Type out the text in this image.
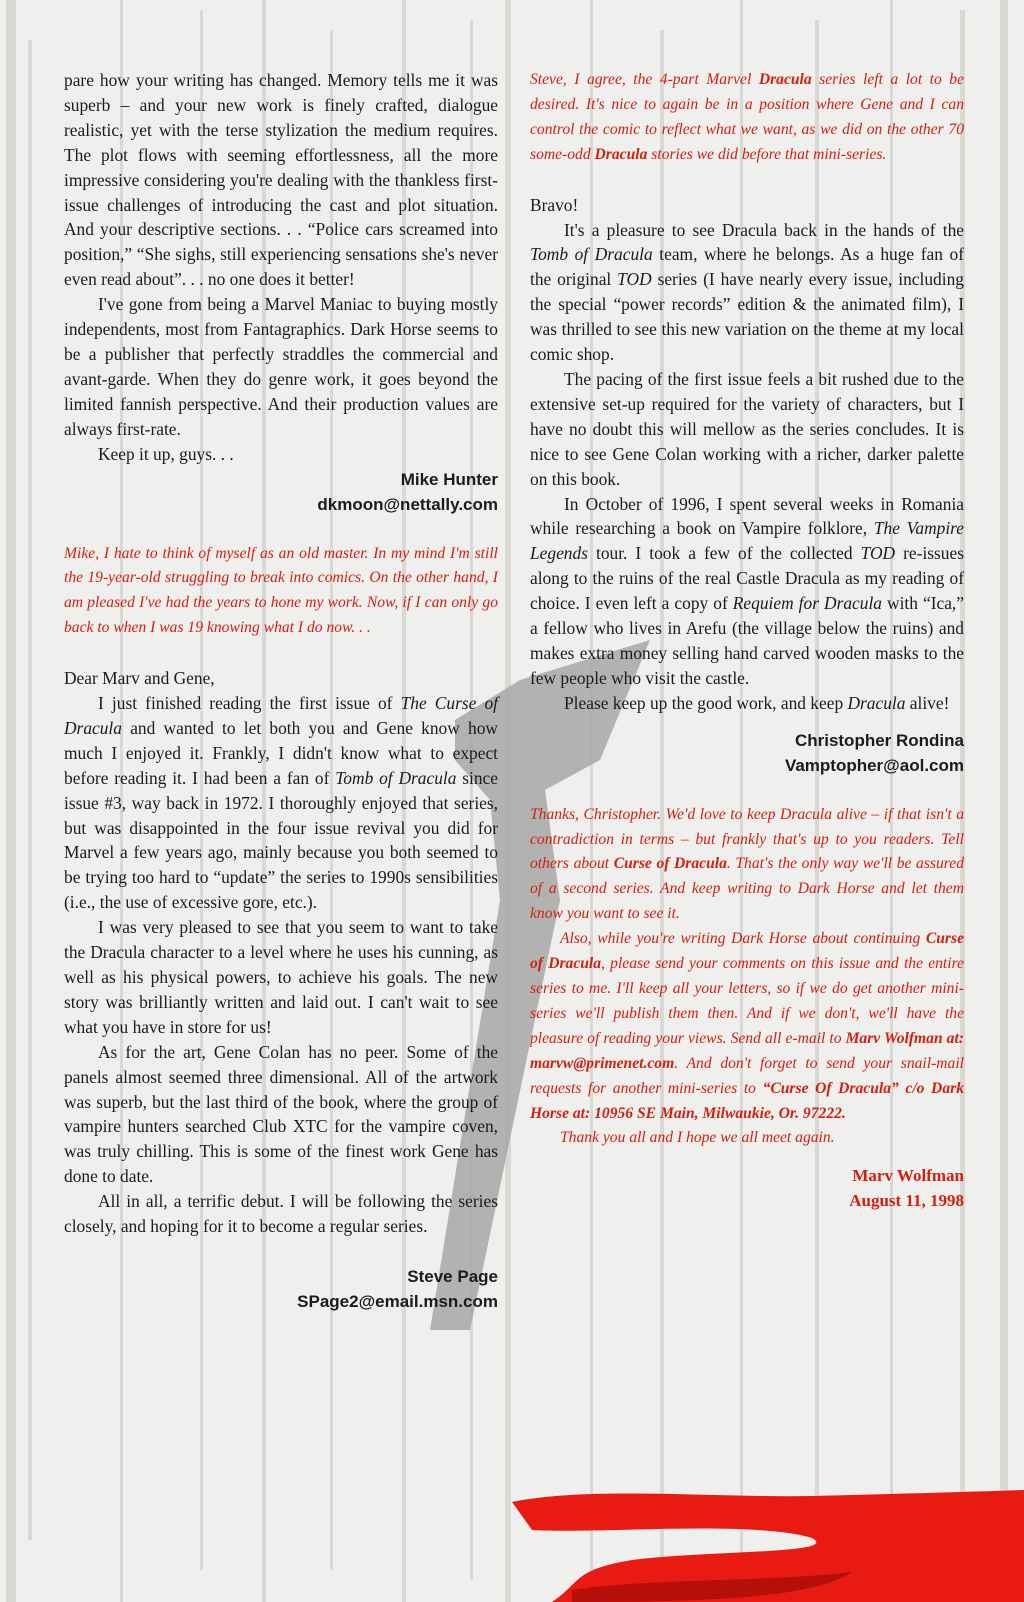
pare how your writing has changed. Memory tells me it was superb – and your new work is finely crafted, dialogue realistic, yet with the terse stylization the medium requires. The plot flows with seeming effortlessness, all the more impressive considering you're dealing with the thankless first-issue challenges of introducing the cast and plot situation. And your descriptive sections. . . “Police cars screamed into position,” “She sighs, still experiencing sensations she's never even read about”. . . no one does it better!

I've gone from being a Marvel Maniac to buying mostly independents, most from Fantagraphics. Dark Horse seems to be a publisher that perfectly straddles the commercial and avant-garde. When they do genre work, it goes beyond the limited fannish perspective. And their production values are always first-rate.

Keep it up, guys. . .

Mike Hunter
dkmoon@nettally.com

Mike, I hate to think of myself as an old master. In my mind I'm still the 19-year-old struggling to break into comics. On the other hand, I am pleased I've had the years to hone my work. Now, if I can only go back to when I was 19 knowing what I do now. . .

Dear Marv and Gene,

I just finished reading the first issue of The Curse of Dracula and wanted to let both you and Gene know how much I enjoyed it. Frankly, I didn't know what to expect before reading it. I had been a fan of Tomb of Dracula since issue #3, way back in 1972. I thoroughly enjoyed that series, but was disappointed in the four issue revival you did for Marvel a few years ago, mainly because you both seemed to be trying too hard to “update” the series to 1990s sensibilities (i.e., the use of excessive gore, etc.).

I was very pleased to see that you seem to want to take the Dracula character to a level where he uses his cunning, as well as his physical powers, to achieve his goals. The new story was brilliantly written and laid out. I can't wait to see what you have in store for us!

As for the art, Gene Colan has no peer. Some of the panels almost seemed three dimensional. All of the artwork was superb, but the last third of the book, where the group of vampire hunters searched Club XTC for the vampire coven, was truly chilling. This is some of the finest work Gene has done to date.

All in all, a terrific debut. I will be following the series closely, and hoping for it to become a regular series.

Steve Page
SPage2@email.msn.com

Steve, I agree, the 4-part Marvel Dracula series left a lot to be desired. It's nice to again be in a position where Gene and I can control the comic to reflect what we want, as we did on the other 70 some-odd Dracula stories we did before that mini-series.

Bravo!

It's a pleasure to see Dracula back in the hands of the Tomb of Dracula team, where he belongs. As a huge fan of the original TOD series (I have nearly every issue, including the special “power records” edition & the animated film), I was thrilled to see this new variation on the theme at my local comic shop.

The pacing of the first issue feels a bit rushed due to the extensive set-up required for the variety of characters, but I have no doubt this will mellow as the series concludes. It is nice to see Gene Colan working with a richer, darker palette on this book.

In October of 1996, I spent several weeks in Romania while researching a book on Vampire folklore, The Vampire Legends tour. I took a few of the collected TOD re-issues along to the ruins of the real Castle Dracula as my reading of choice. I even left a copy of Requiem for Dracula with “Ica,” a fellow who lives in Arefu (the village below the ruins) and makes extra money selling hand carved wooden masks to the few people who visit the castle.

Please keep up the good work, and keep Dracula alive!

Christopher Rondina
Vamptopher@aol.com

Thanks, Christopher. We'd love to keep Dracula alive – if that isn't a contradiction in terms – but frankly that's up to you readers. Tell others about Curse of Dracula. That's the only way we'll be assured of a second series. And keep writing to Dark Horse and let them know you want to see it.

Also, while you're writing Dark Horse about continuing Curse of Dracula, please send your comments on this issue and the entire series to me. I'll keep all your letters, so if we do get another mini-series we'll publish them then. And if we don't, we'll have the pleasure of reading your views. Send all e-mail to Marv Wolfman at: marvw@primenet.com. And don't forget to send your snail-mail requests for another mini-series to “Curse Of Dracula” c/o Dark Horse at: 10956 SE Main, Milwaukie, Or. 97222.

Thank you all and I hope we all meet again.

Marv Wolfman
August 11, 1998
